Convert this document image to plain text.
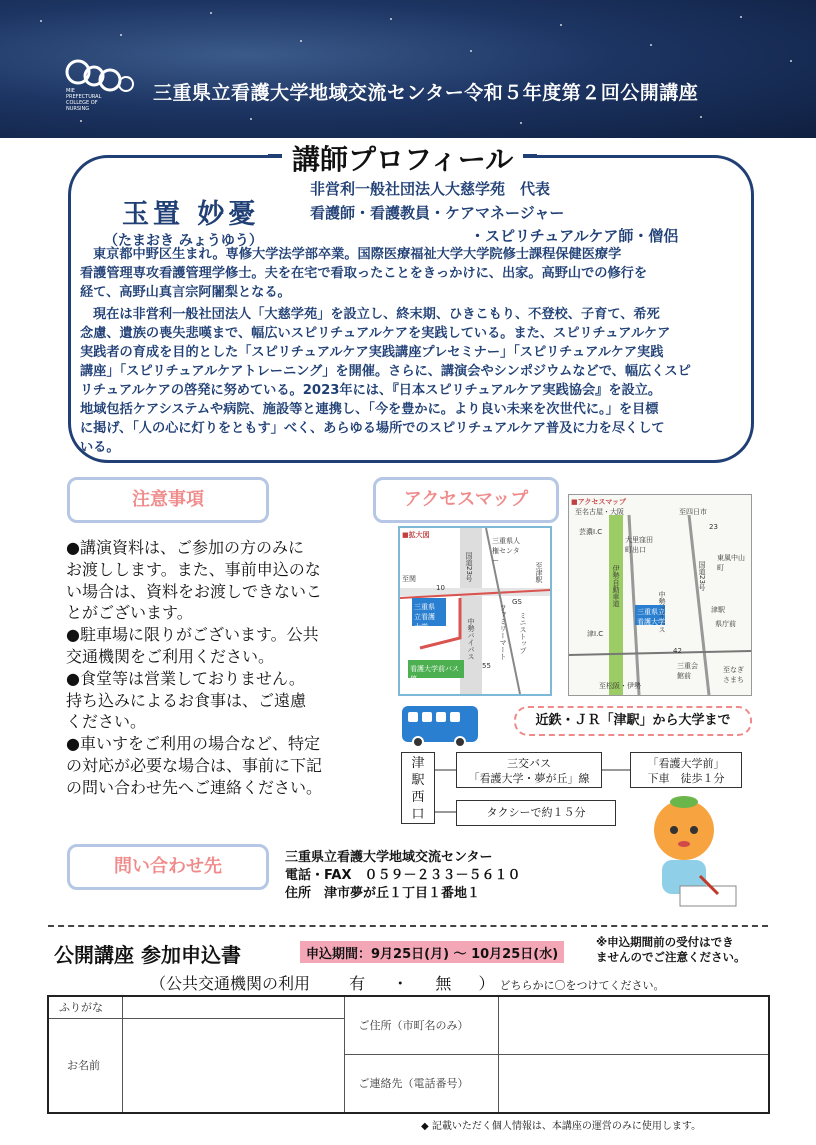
MIE PREFECTURAL COLLEGE OF NURSING
三重県立看護大学地域交流センター令和５年度第２回公開講座
講師プロフィール
玉置 妙憂
（たまおき みょうゆう）
非営利一般社団法人大慈学苑　代表
看護師・看護教員・ケアマネージャー
・スピリチュアルケア師・僧侶
東京都中野区生まれ。専修大学法学部卒業。国際医療福祉大学大学院修士課程保健医療学
看護管理専攻看護管理学修士。夫を在宅で看取ったことをきっかけに、出家。高野山での修行を
経て、高野山真言宗阿闍梨となる。
現在は非営利一般社団法人「大慈学苑」を設立し、終末期、ひきこもり、不登校、子育て、希死
念慮、遺族の喪失悲嘆まで、幅広いスピリチュアルケアを実践している。また、スピリチュアルケア
実践者の育成を目的とした「スピリチュアルケア実践講座プレセミナー」「スピリチュアルケア実践
講座」「スピリチュアルケアトレーニング」を開催。さらに、講演会やシンポジウムなどで、幅広くスピ
リチュアルケアの啓発に努めている。2023年には、『日本スピリチュアルケア実践協会』を設立。
地域包括ケアシステムや病院、施設等と連携し、「今を豊かに。より良い未来を次世代に。」を目標
に掲げ、「人の心に灯りをともす」べく、あらゆる場所でのスピリチュアルケア普及に力を尽くして
いる。
注意事項
●講演資料は、ご参加の方のみに
お渡しします。また、事前申込のな
い場合は、資料をお渡しできないこ
とがございます。
●駐車場に限りがございます。公共
交通機関をご利用ください。
●食堂等は営業しておりません。
持ち込みによるお食事は、ご遠慮
ください。
●車いすをご利用の場合など、特定
の対応が必要な場合は、事前に下記
の問い合わせ先へご連絡ください。
アクセスマップ
■拡大図
三重県人権センター
国道23号
中勢バイパス
至津駅
ファミリーマート
GS
ミニストップ
至関
10
55
三重県立看護大学
看護大学前バス停
■アクセスマップ
至名古屋・大阪	至四日市
芸濃I.C
大里窪田町出口
23
東風中山町
国道23号
伊勢自動車道
中勢バイパス
三重県立看護大学
津駅
県庁前
津I.C
42
三重会館前
至なぎさまち
至松阪・伊勢
近鉄・ＪＲ「津駅」から大学まで
津駅西口
三交バス
「看護大学・夢が丘」線
「看護大学前」
下車　徒歩１分
タクシーで約１５分
問い合わせ先	三重県立看護大学地域交流センター
電話・FAX　０５９－２３３－５６１０
住所　津市夢が丘１丁目１番地１
公開講座 参加申込書	申込期間：9月25日(月) ～ 10月25日(水)
※申込期間前の受付はでき
ませんのでご注意ください。
（公共交通機関の利用 有 ・ 無 ） どちらかに〇をつけてください。
ふりがな		ご住所（市町名のみ）	
お名前			
		ご連絡先（電話番号）	
◆ 記載いただく個人情報は、本講座の運営のみに使用します。
